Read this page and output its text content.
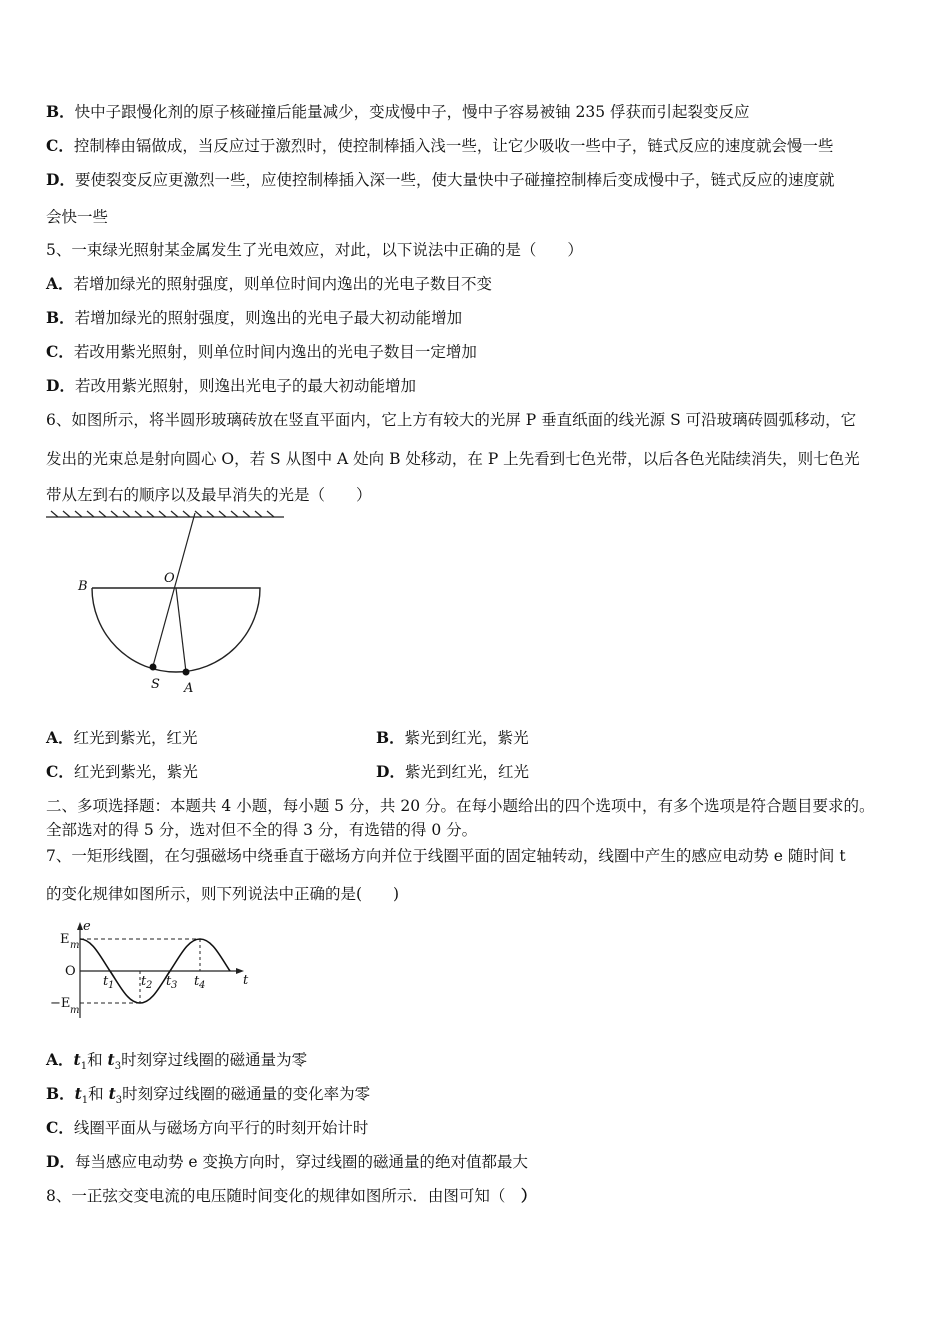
B．快中子跟慢化剂的原子核碰撞后能量减少，变成慢中子，慢中子容易被铀 235 俘获而引起裂变反应
C．控制棒由镉做成，当反应过于激烈时，使控制棒插入浅一些，让它少吸收一些中子，链式反应的速度就会慢一些
D．要使裂变反应更激烈一些，应使控制棒插入深一些，使大量快中子碰撞控制棒后变成慢中子，链式反应的速度就
会快一些
5、一束绿光照射某金属发生了光电效应，对此，以下说法中正确的是（　　）
A．若增加绿光的照射强度，则单位时间内逸出的光电子数目不变
B．若增加绿光的照射强度，则逸出的光电子最大初动能增加
C．若改用紫光照射，则单位时间内逸出的光电子数目一定增加
D．若改用紫光照射，则逸出光电子的最大初动能增加
6、如图所示，将半圆形玻璃砖放在竖直平面内，它上方有较大的光屏 P 垂直纸面的线光源 S 可沿玻璃砖圆弧移动，它
发出的光束总是射向圆心 O，若 S 从图中 A 处向 B 处移动，在 P 上先看到七色光带，以后各色光陆续消失，则七色光
带从左到右的顺序以及最早消失的光是（　　）
B
O
S A
A．红光到紫光，红光	B．紫光到红光，紫光
C．红光到紫光，紫光	D．紫光到红光，红光
二、多项选择题：本题共 4 小题，每小题 5 分，共 20 分。在每小题给出的四个选项中，有多个选项是符合题目要求的。
全部选对的得 5 分，选对但不全的得 3 分，有选错的得 0 分。
7、一矩形线圈，在匀强磁场中绕垂直于磁场方向并位于线圈平面的固定轴转动，线圈中产生的感应电动势 e 随时间 t
的变化规律如图所示，则下列说法中正确的是(　　)
e
t
O
E m
−E m
t 1 t 2 t 3 t 4
A．$t_1$和 $t_3$时刻穿过线圈的磁通量为零
B．$t_1$和 $t_3$时刻穿过线圈的磁通量的变化率为零
C．线圈平面从与磁场方向平行的时刻开始计时
D．每当感应电动势 e 变换方向时，穿过线圈的磁通量的绝对值都最大
8、一正弦交变电流的电压随时间变化的规律如图所示．由图可知（　）
